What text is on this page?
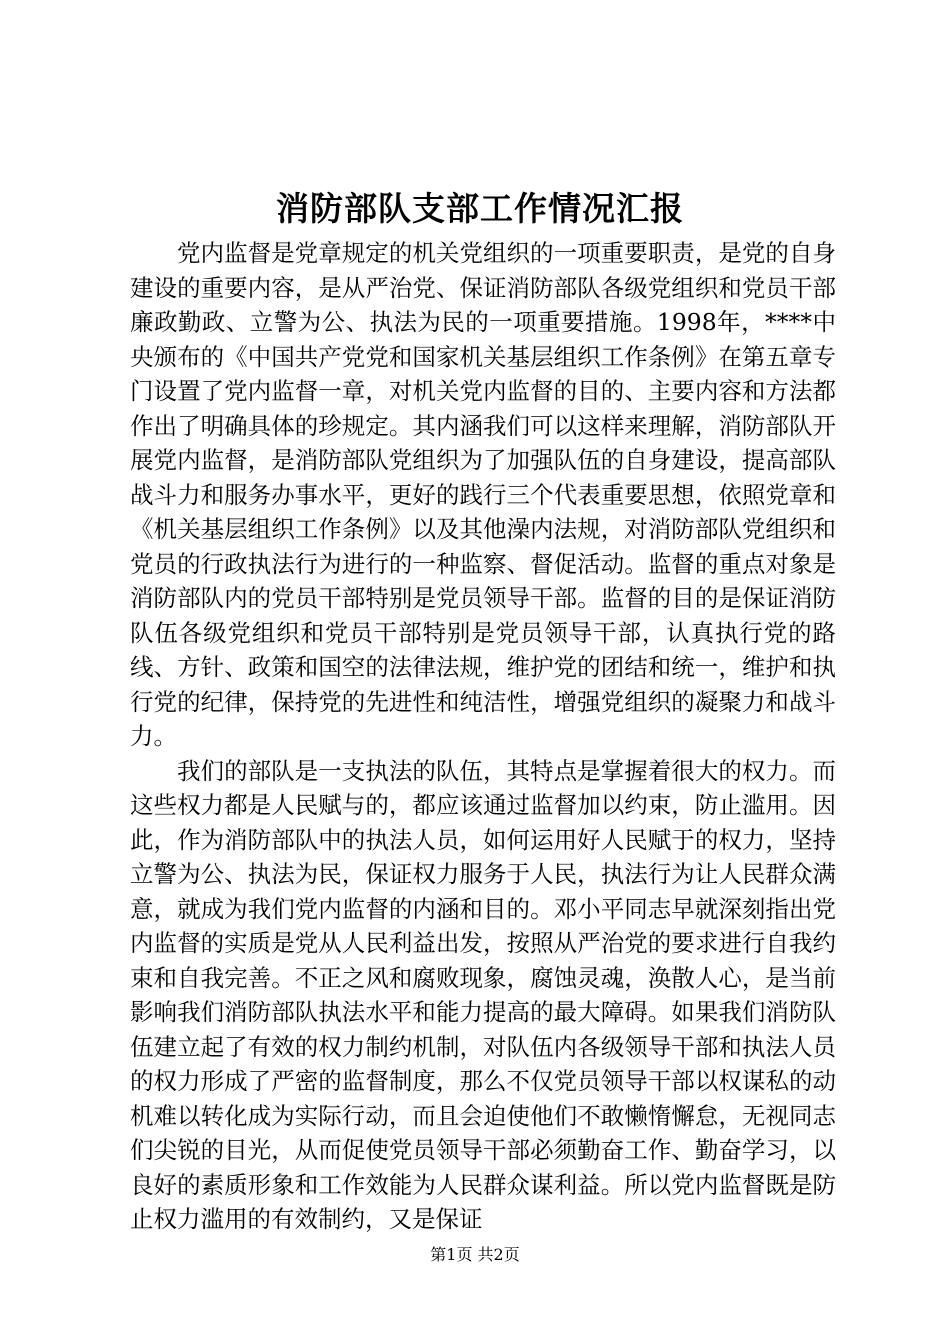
消防部队支部工作情况汇报

党内监督是党章规定的机关党组织的一项重要职责，是党的自身建设的重要内容，是从严治党、保证消防部队各级党组织和党员干部廉政勤政、立警为公、执法为民的一项重要措施。1998年，****中央颁布的《中国共产党党和国家机关基层组织工作条例》在第五章专门设置了党内监督一章，对机关党内监督的目的、主要内容和方法都作出了明确具体的珍规定。其内涵我们可以这样来理解，消防部队开展党内监督，是消防部队党组织为了加强队伍的自身建设，提高部队战斗力和服务办事水平，更好的践行三个代表重要思想，依照党章和《机关基层组织工作条例》以及其他澡内法规，对消防部队党组织和党员的行政执法行为进行的一种监察、督促活动。监督的重点对象是消防部队内的党员干部特别是党员领导干部。监督的目的是保证消防队伍各级党组织和党员干部特别是党员领导干部，认真执行党的路线、方针、政策和国空的法律法规，维护党的团结和统一，维护和执行党的纪律，保持党的先进性和纯洁性，增强党组织的凝聚力和战斗力。

我们的部队是一支执法的队伍，其特点是掌握着很大的权力。而这些权力都是人民赋与的，都应该通过监督加以约束，防止滥用。因此，作为消防部队中的执法人员，如何运用好人民赋于的权力，坚持立警为公、执法为民，保证权力服务于人民，执法行为让人民群众满意，就成为我们党内监督的内涵和目的。邓小平同志早就深刻指出党内监督的实质是党从人民利益出发，按照从严治党的要求进行自我约束和自我完善。不正之风和腐败现象，腐蚀灵魂，涣散人心，是当前影响我们消防部队执法水平和能力提高的最大障碍。如果我们消防队伍建立起了有效的权力制约机制，对队伍内各级领导干部和执法人员的权力形成了严密的监督制度，那么不仅党员领导干部以权谋私的动机难以转化成为实际行动，而且会迫使他们不敢懒惰懈怠，无视同志们尖锐的目光，从而促使党员领导干部必须勤奋工作、勤奋学习，以良好的素质形象和工作效能为人民群众谋利益。所以党内监督既是防止权力滥用的有效制约，又是保证

第1页 共2页
